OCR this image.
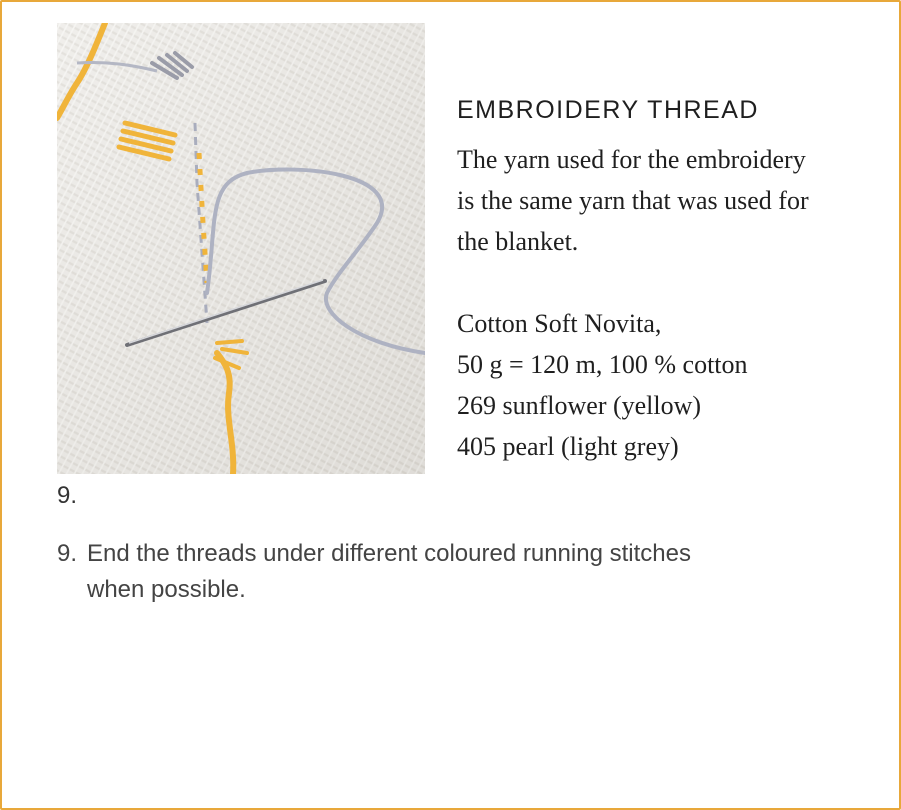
EMBROIDERY THREAD
The yarn used for the embroidery
is the same yarn that was used for
the blanket.
Cotton Soft Novita,
50 g = 120 m, 100 % cotton
269 sunflower (yellow)
405 pearl (light grey)
9.
9. End the threads under different coloured running stitches
when possible.
